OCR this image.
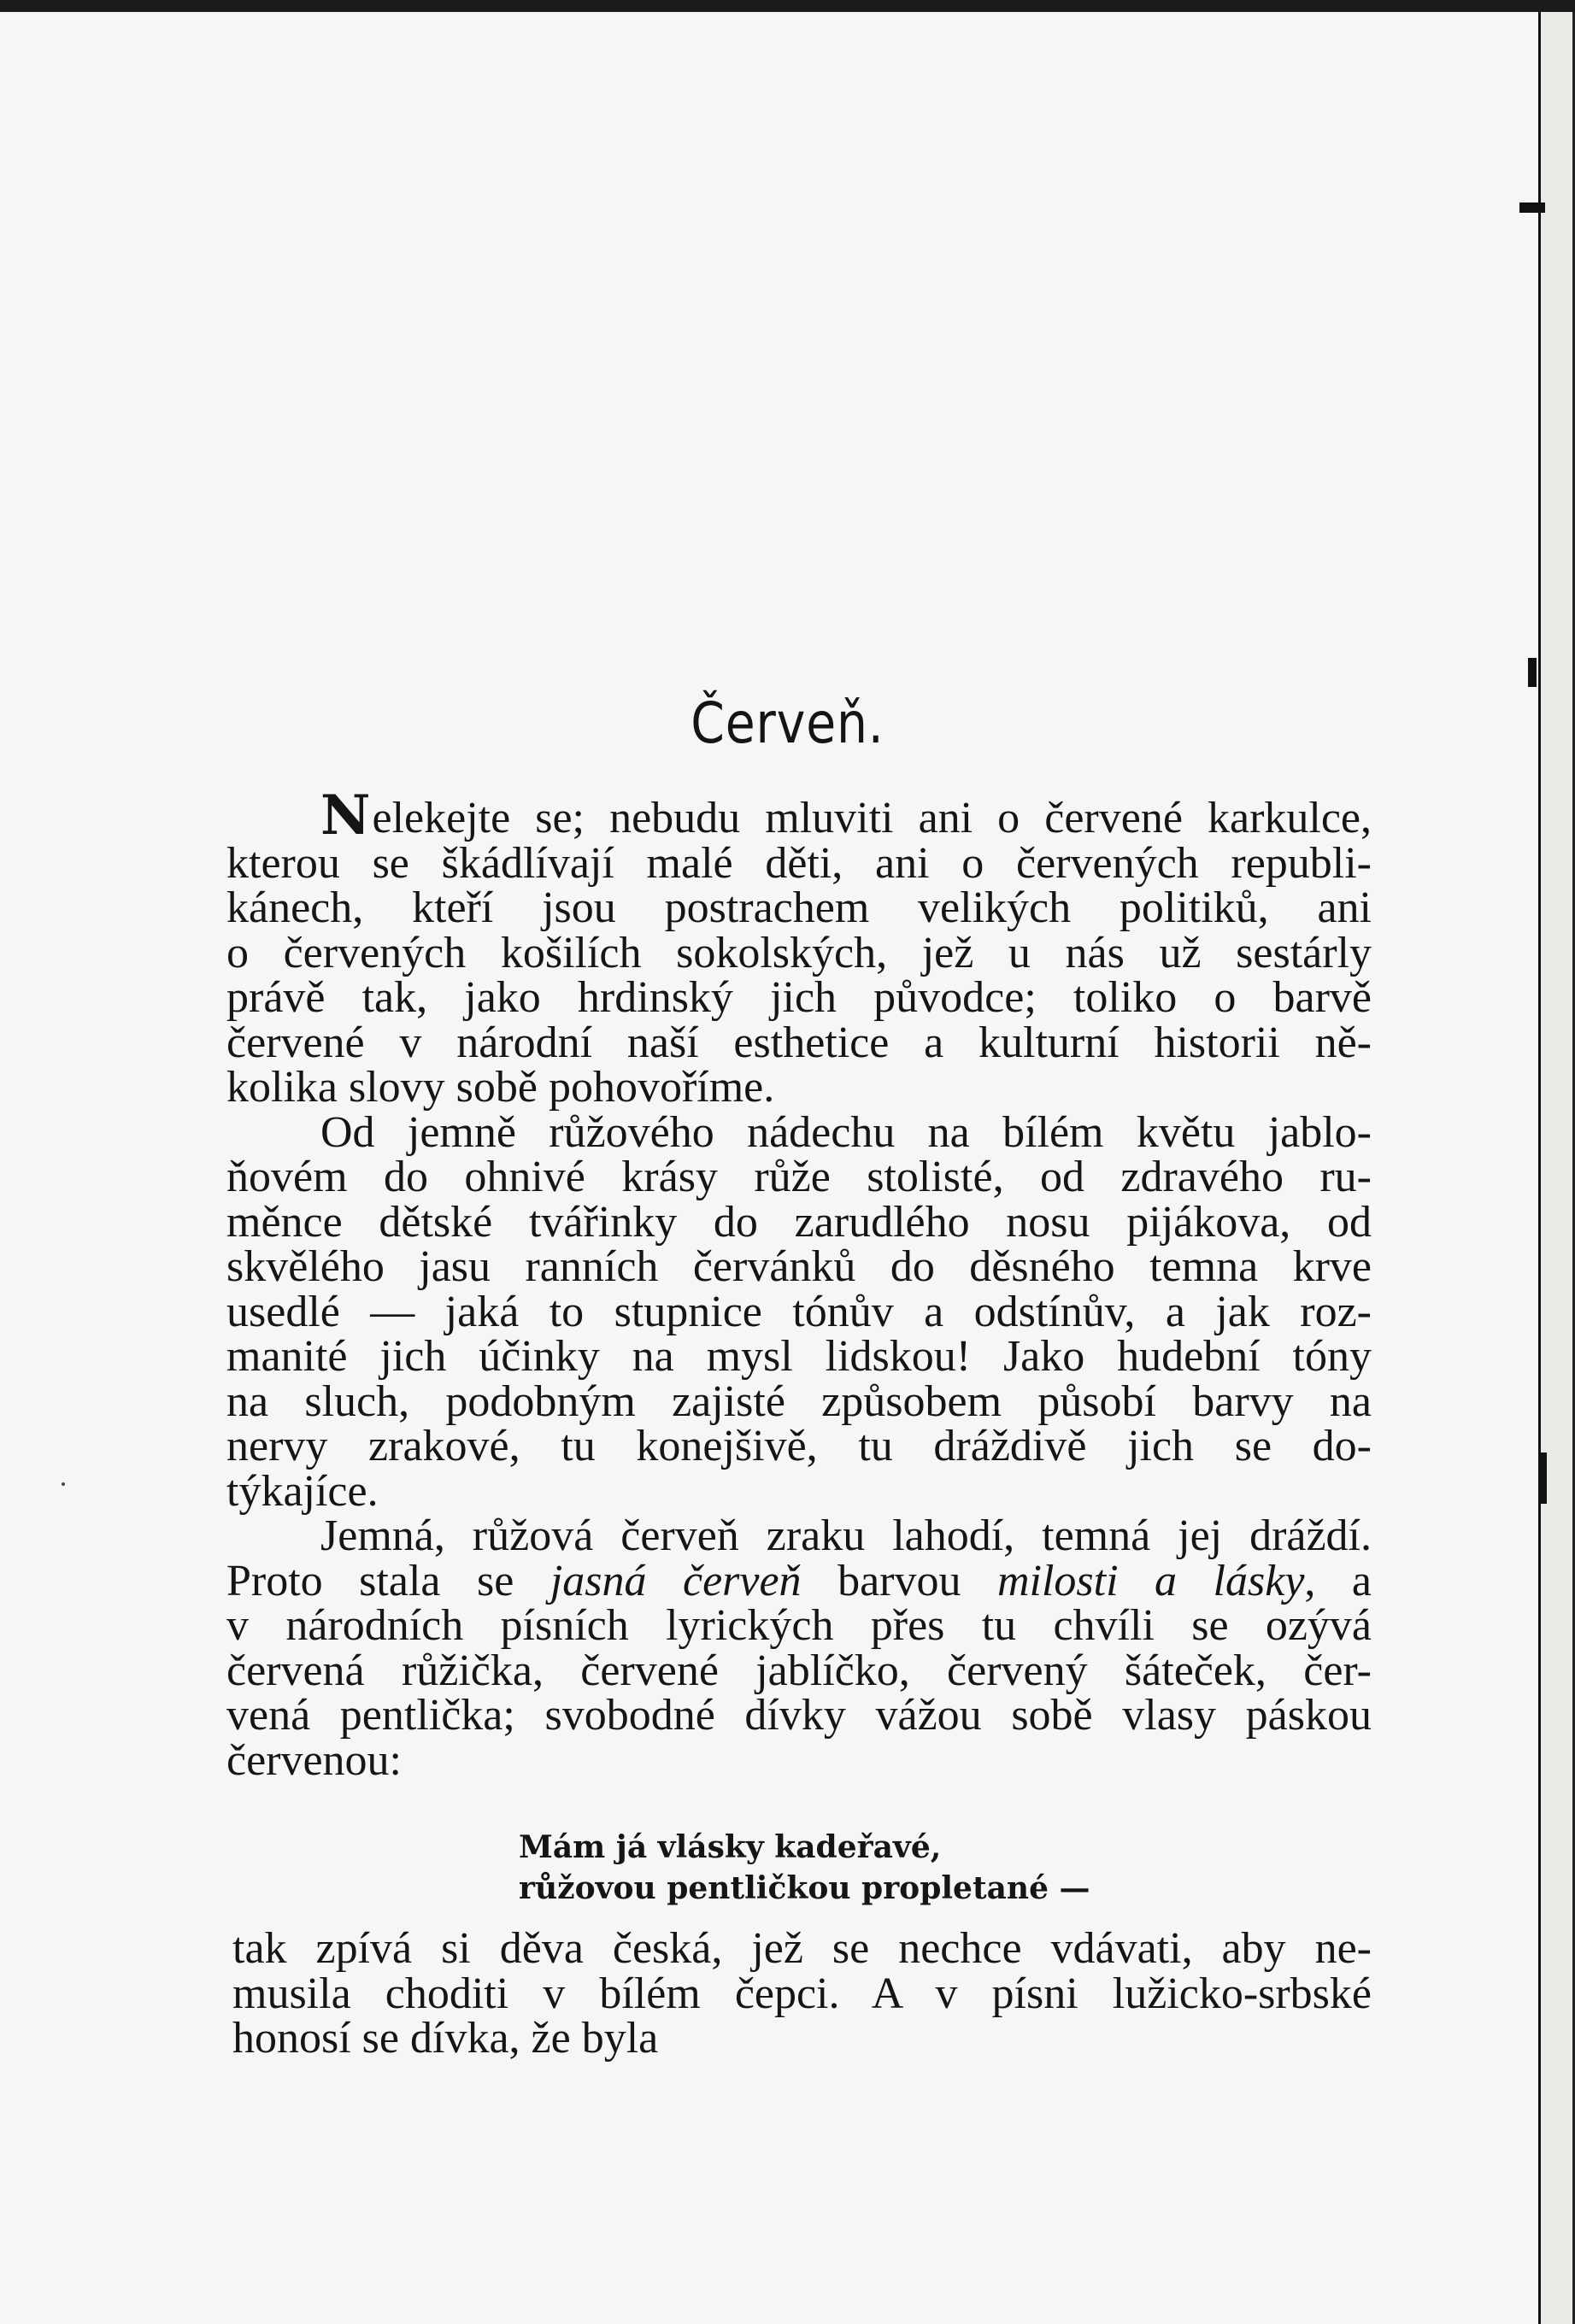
Červeň.
Nelekejte se; nebudu mluviti ani o červené karkulce,
kterou se škádlívají malé děti, ani o červených republi-
kánech, kteří jsou postrachem velikých politiků, ani
o červených košilích sokolských, jež u nás už sestárly
právě tak, jako hrdinský jich původce; toliko o barvě
červené v národní naší esthetice a kulturní historii ně-
kolika slovy sobě pohovoříme.
Od jemně růžového nádechu na bílém květu jablo-
ňovém do ohnivé krásy růže stolisté, od zdravého ru-
měnce dětské tvářinky do zarudlého nosu pijákova, od
skvělého jasu ranních červánků do děsného temna krve
usedlé — jaká to stupnice tónův a odstínův, a jak roz-
manité jich účinky na mysl lidskou! Jako hudební tóny
na sluch, podobným zajisté způsobem působí barvy na
nervy zrakové, tu konejšivě, tu dráždivě jich se do-
týkajíce.
Jemná, růžová červeň zraku lahodí, temná jej dráždí.
Proto stala se jasná červeň barvou milosti a lásky, a
v národních písních lyrických přes tu chvíli se ozývá
červená růžička, červené jablíčko, červený šáteček, čer-
vená pentlička; svobodné dívky vážou sobě vlasy páskou
červenou:
Mám já vlásky kadeřavé,
růžovou pentličkou propletané —
tak zpívá si děva česká, jež se nechce vdávati, aby ne-
musila choditi v bílém čepci. A v písni lužicko-srbské
honosí se dívka, že byla
